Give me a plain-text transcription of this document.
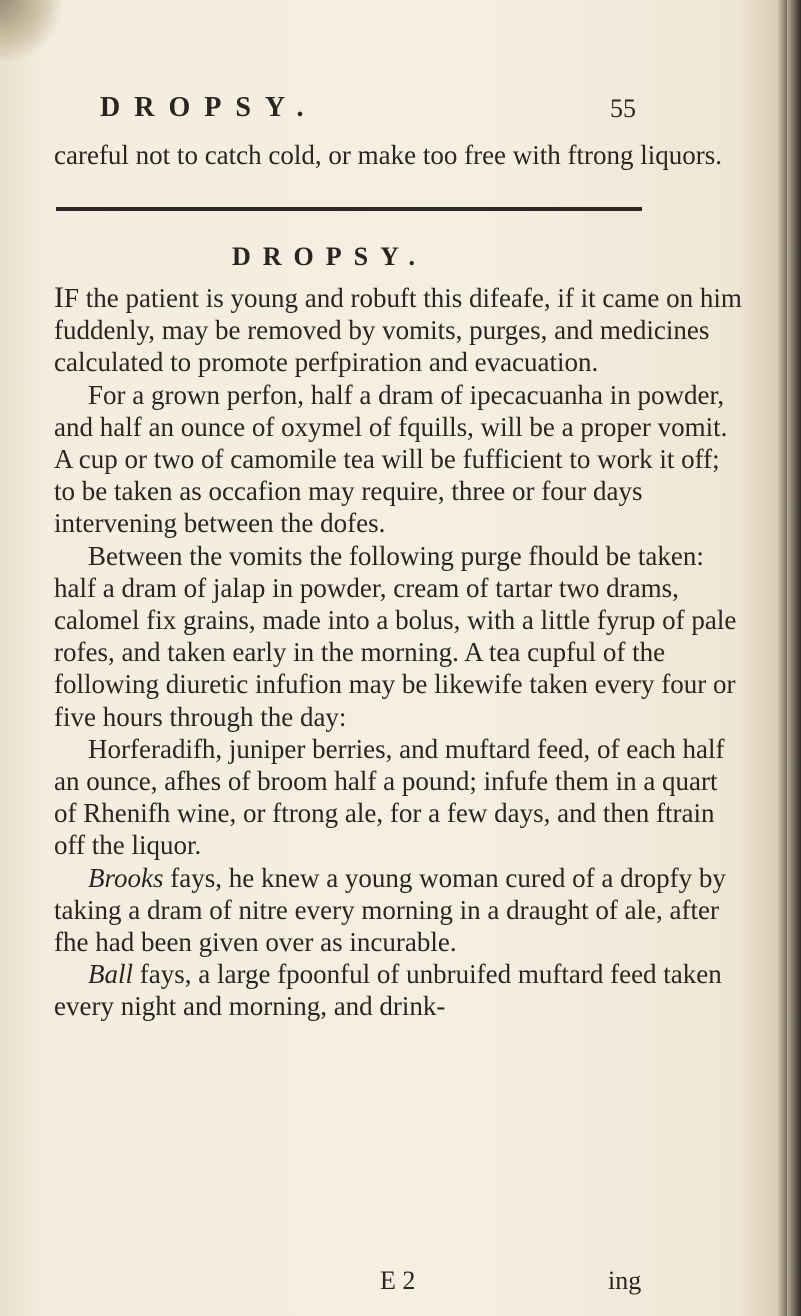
DROPSY.	55

careful not to catch cold, or make too free with ftrong liquors.

DROPSY.

IF the patient is young and robuft this difeafe, if it came on him fuddenly, may be removed by vomits, purges, and medicines calculated to promote perfpiration and evacuation.

For a grown perfon, half a dram of ipecacuanha in powder, and half an ounce of oxymel of fquills, will be a proper vomit. A cup or two of camomile tea will be fufficient to work it off; to be taken as occafion may require, three or four days intervening between the dofes.

Between the vomits the following purge fhould be taken: half a dram of jalap in powder, cream of tartar two drams, calomel fix grains, made into a bolus, with a little fyrup of pale rofes, and taken early in the morning. A tea cupful of the following diuretic infufion may be likewife taken every four or five hours through the day:

Horferadifh, juniper berries, and muftard feed, of each half an ounce, afhes of broom half a pound; infufe them in a quart of Rhenifh wine, or ftrong ale, for a few days, and then ftrain off the liquor.

Brooks fays, he knew a young woman cured of a dropfy by taking a dram of nitre every morning in a draught of ale, after fhe had been given over as incurable.

Ball fays, a large fpoonful of unbruifed muftard feed taken every night and morning, and drink-

E 2	ing
